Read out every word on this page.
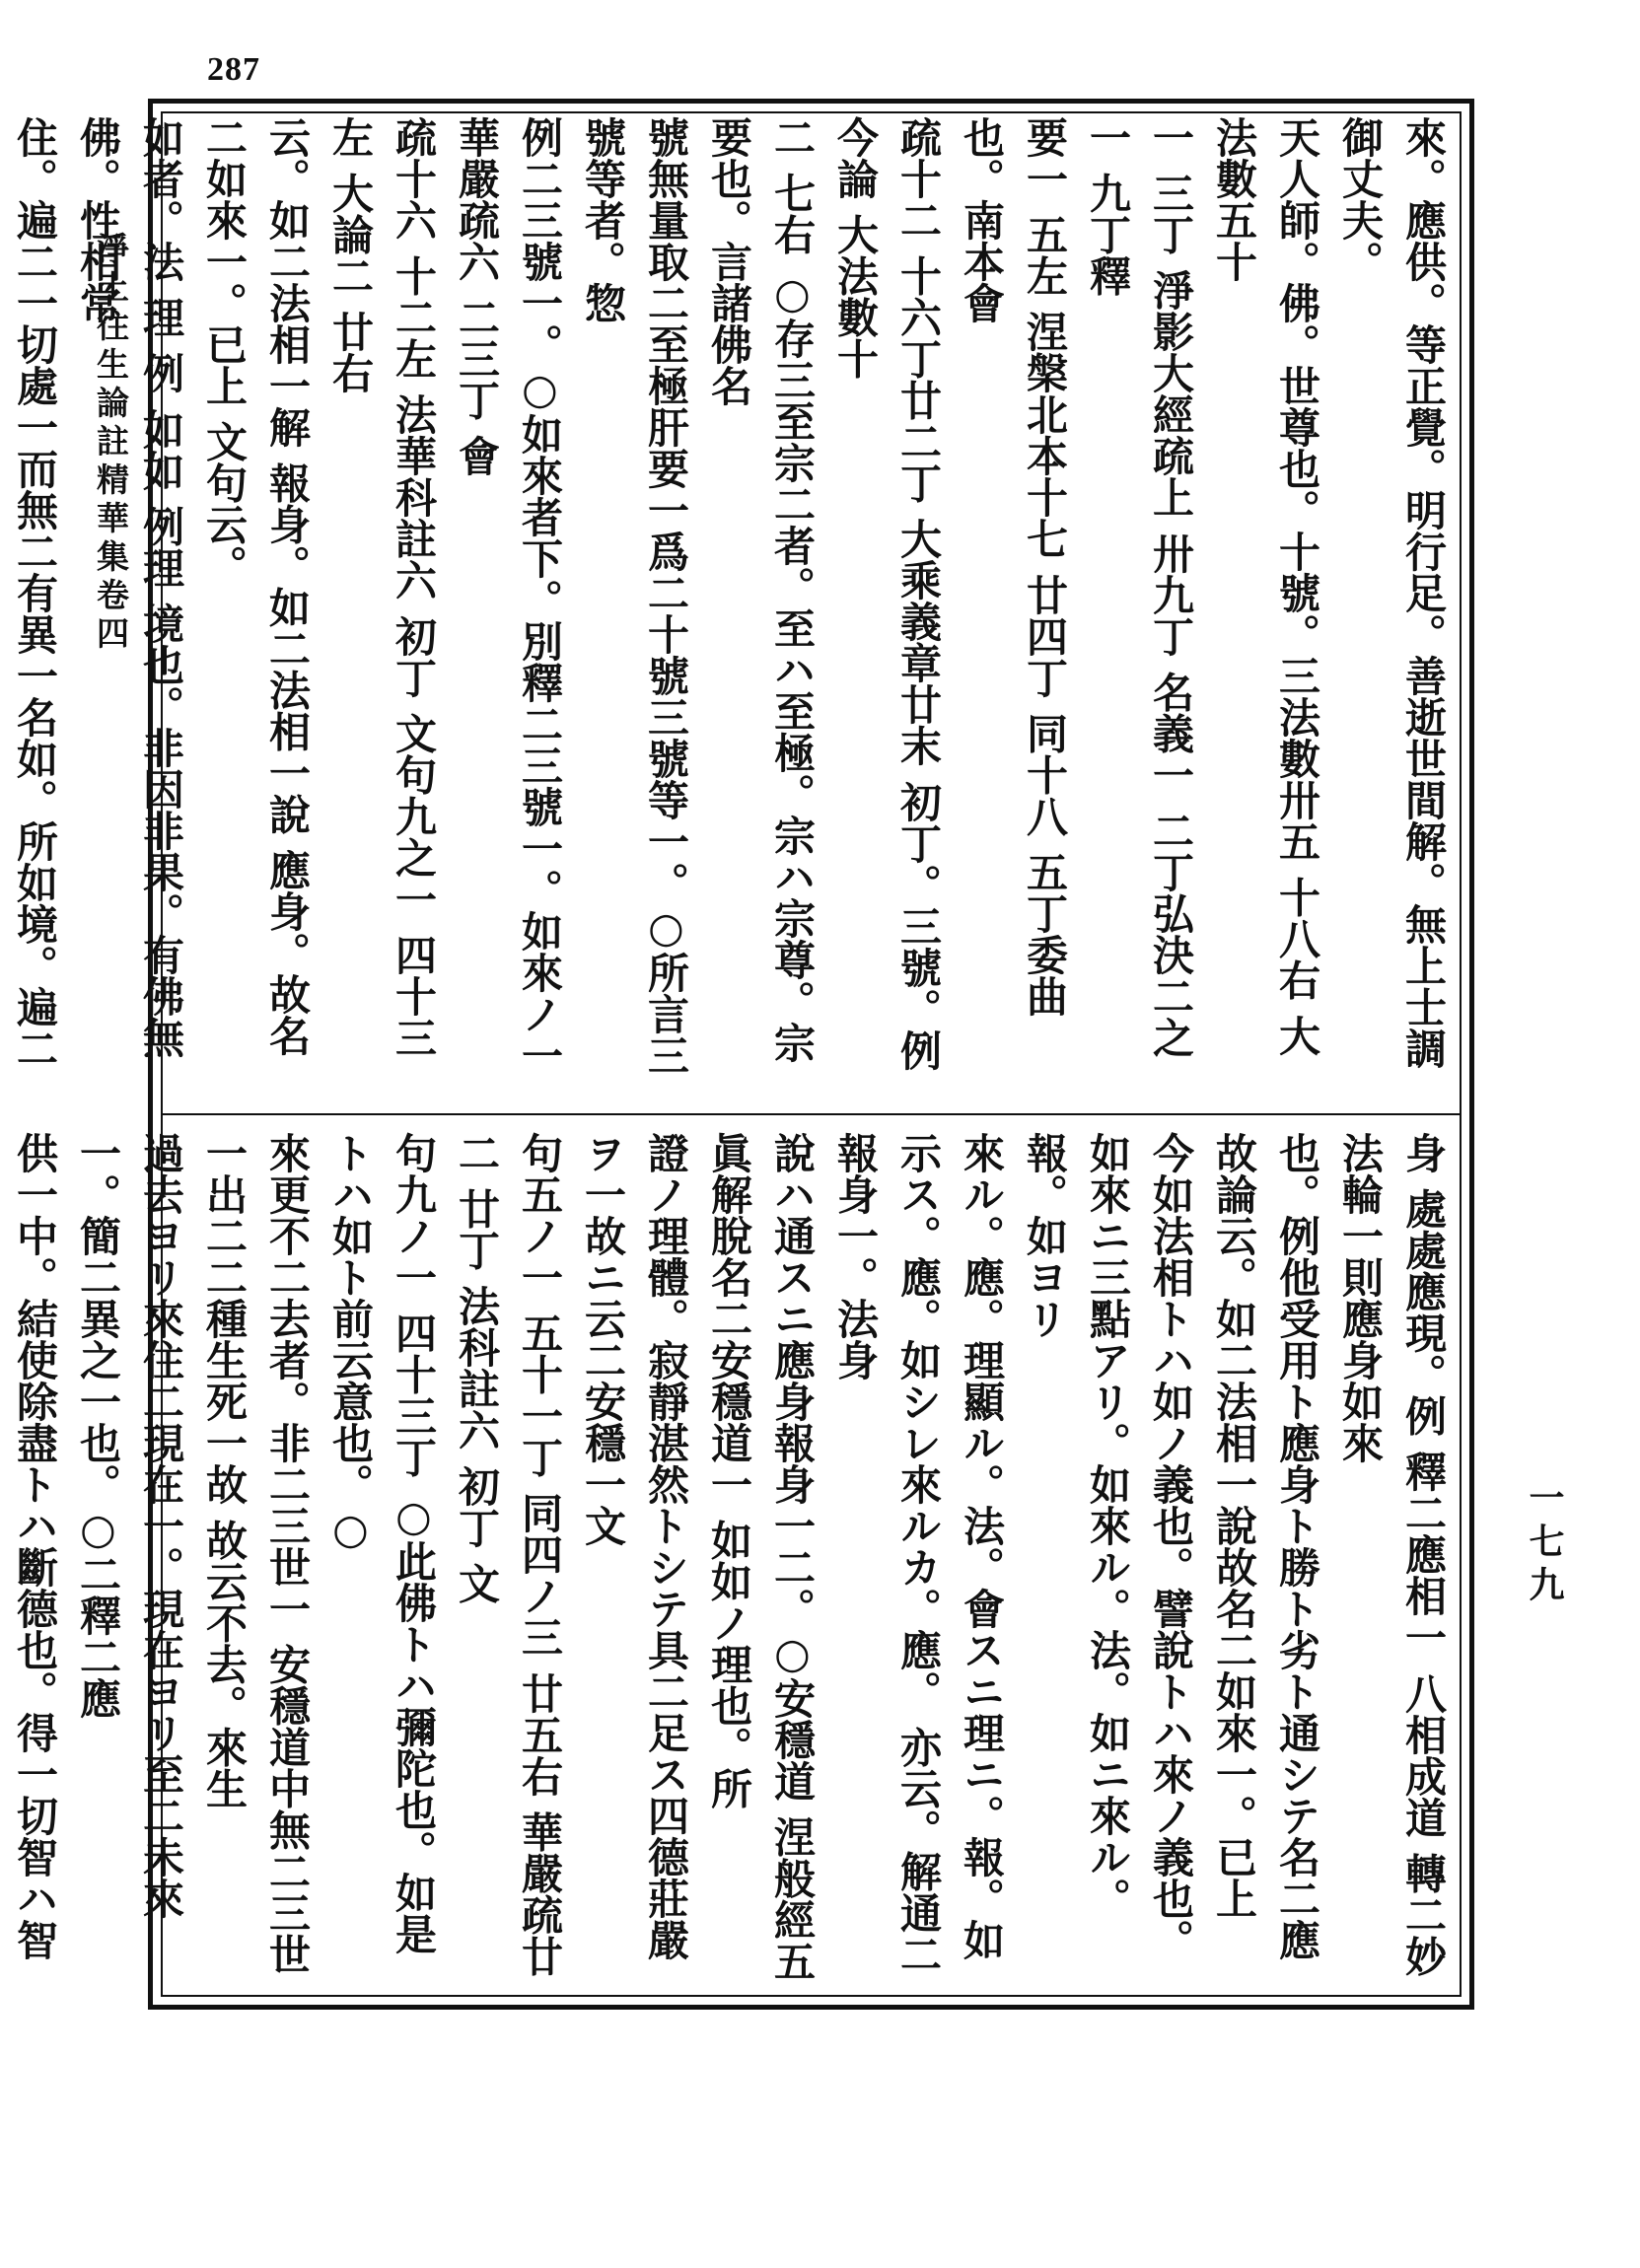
287
淨土往生論註精華集卷四	來。應供。等正覺。明行足。善逝世間解。無上士調御丈夫。

天人師。佛。世尊也。十號。三法數卅五 十八右 大法數五十

一 三丁 淨影大經疏上 卅九丁 名義一 二丁弘決二之一 九丁釋

要一 五左 涅槃北本十七 廿四丁 同十八 五丁委曲也。南本會

疏十二 十六丁廿二丁 大乘義章廿末 初丁。三號。例今論 大法數十

二 七右 ○存三至宗二者。至ハ至極。宗ハ宗尊。宗要也。言諸佛名

號無量取二至極肝要一爲二十號三號等一。○所言三號等者。惣

例二三號一。○如來者下。別釋二三號一。如來ノ一華嚴疏六 二三丁 會

疏十六 十二左 法華科註六 初丁 文句九之一 四十三左 大論二 廿右

云。如二法相一解 報身。如二法相一說 應身。故名二如來一。已上 文句云。

如者。法 理 例 如如 例理 境也。非因非果。有佛無佛。性相常

住。遍二一切處一而無二有異一名如。所如境。遍二

身 處處應現。例 釋二應相一 八相成道 轉二妙法輪一則應身如來

也。例他受用ト應身ト勝ト劣ト通シテ名二應 故論云。如二法相一說故名二如來一。已上

今如法相トハ如ノ義也。譬說トハ來ノ義也。如來ニ三點アリ。如來ル。法。如ニ來ル。報。如ヨリ

來ル。應。理顯ル。法。會スニ理ニ。報。如示ス。應。如シレ來ルカ。應。 亦云。解通二報身一。法身

說ハ通スニ應身報身一二。○安穩道 涅般經五眞解脫名二安穩道一 如如ノ理也。所

證ノ理體。寂靜湛然トシテ具二足ス四德莊嚴ヲ一故ニ云二安穩一文

句五ノ一 五十一丁 同四ノ三 廿五右 華嚴疏廿二 廿丁 法科註六 初丁 文

句九ノ一 四十三丁 ○此佛トハ彌陀也。如是トハ如ト前云意也。○

來更不二去者。非二三世一 安穩道中無二三世一出二二種生死一故 故云不去。來生

過去ヨリ來住二現在一。現在ヨリ至二未來一。簡二異之一也。○二釋二應

供一中。結使除盡トハ斷德也。得一切智ハ智

一七九
